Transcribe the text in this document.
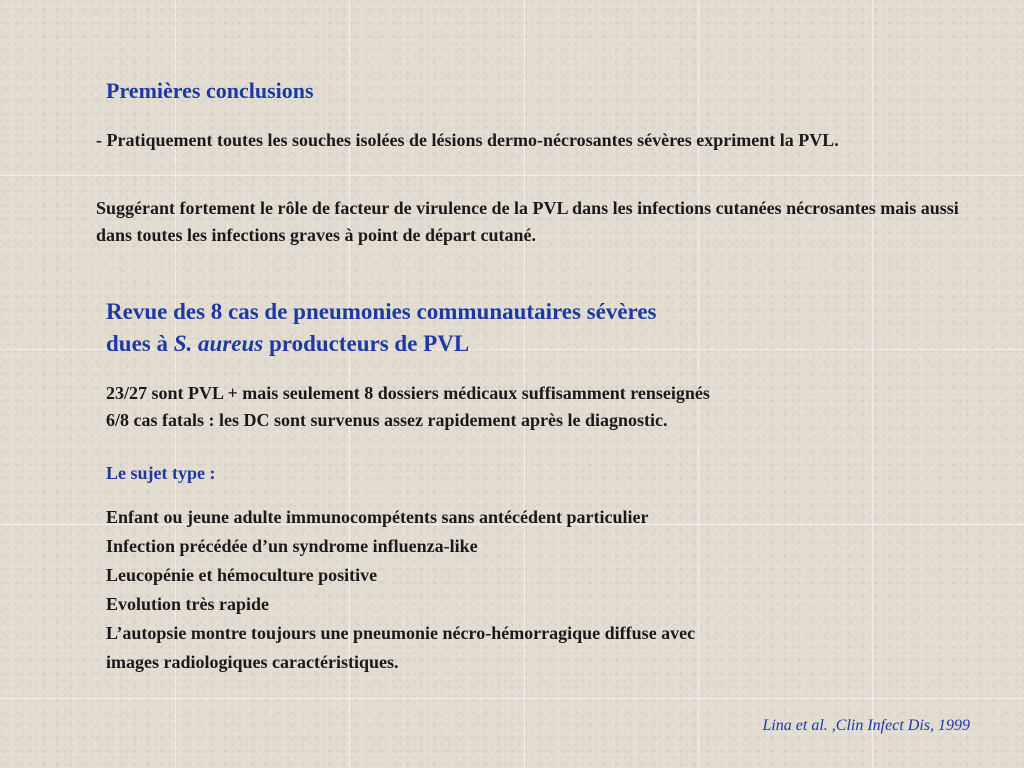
Premières conclusions
- Pratiquement toutes les souches isolées de lésions dermo-nécrosantes sévères expriment la PVL.
Suggérant fortement le rôle de facteur de virulence de la PVL dans les infections cutanées nécrosantes mais aussi dans toutes les infections graves à point de départ cutané.
Revue des 8 cas de pneumonies communautaires sévères
dues à S. aureus producteurs de PVL
23/27 sont PVL + mais seulement 8 dossiers médicaux suffisamment renseignés
6/8 cas fatals : les DC sont survenus assez rapidement après le diagnostic.
Le sujet type :
Enfant ou jeune adulte immunocompétents sans antécédent particulier
Infection précédée d’un syndrome influenza-like
Leucopénie et hémoculture positive
Evolution très rapide
L’autopsie montre toujours une pneumonie nécro-hémorragique diffuse avec
images radiologiques caractéristiques.
Lina et al. ,Clin Infect Dis, 1999
